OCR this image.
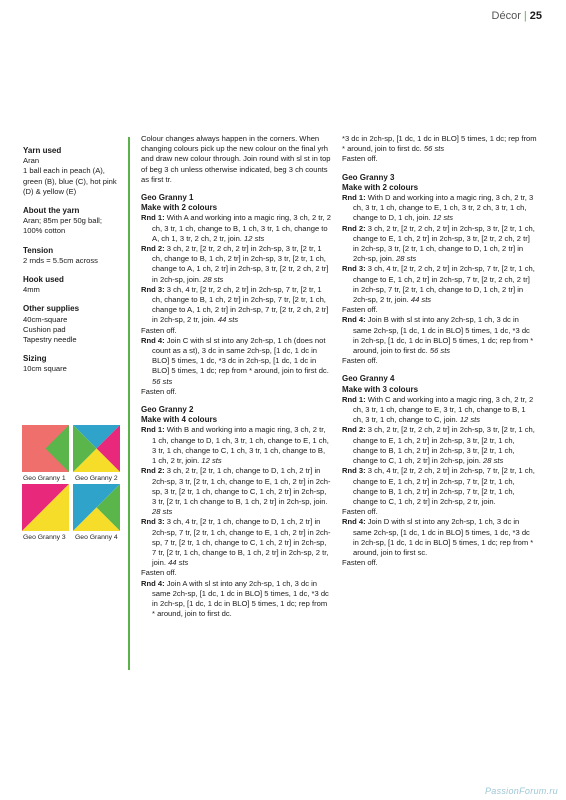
Décor | 25
Yarn used

Aran

1 ball each in peach (A), green (B), blue (C), hot pink (D) & yellow (E)

About the yarn

Aran; 85m per 50g ball; 100% cotton

Tension

2 rnds = 5.5cm across

Hook used

4mm

Other supplies

40cm-square

Cushion pad

Tapestry needle

Sizing

10cm square

Geo Granny 1 Geo Granny 2
Geo Granny 3 Geo Granny 4

Colour changes always happen in the corners. When changing colours pick up the new colour on the final yrh and draw new colour through. Join round with sl st in top of beg 3 ch unless otherwise indicated, beg 3 ch counts as first tr.

Geo Granny 1
Make with 2 colours

Rnd 1: With A and working into a magic ring, 3 ch, 2 tr, 2 ch, 3 tr, 1 ch, change to B, 1 ch, 3 tr, 1 ch, change to A, ch 1, 3 tr, 2 ch, 2 tr, join. 12 sts

Rnd 2: 3 ch, 2 tr, [2 tr, 2 ch, 2 tr] in 2ch-sp, 3 tr, [2 tr, 1 ch, change to B, 1 ch, 2 tr] in 2ch-sp, 3 tr, [2 tr, 1 ch, change to A, 1 ch, 2 tr] in 2ch-sp, 3 tr, [2 tr, 2 ch, 2 tr] in 2ch-sp, join. 28 sts

Rnd 3: 3 ch, 4 tr, [2 tr, 2 ch, 2 tr] in 2ch-sp, 7 tr, [2 tr, 1 ch, change to B, 1 ch, 2 tr] in 2ch-sp, 7 tr, [2 tr, 1 ch, change to A, 1 ch, 2 tr] in 2ch-sp, 7 tr, [2 tr, 2 ch, 2 tr] in 2ch-sp, 2 tr, join. 44 sts

Fasten off.

Rnd 4: Join C with sl st into any 2ch-sp, 1 ch (does not count as a st), 3 dc in same 2ch-sp, [1 dc, 1 dc in BLO] 5 times, 1 dc, *3 dc in 2ch-sp, [1 dc, 1 dc in BLO] 5 times, 1 dc; rep from * around, join to first dc. 56 sts

Fasten off.

Geo Granny 2
Make with 4 colours

Rnd 1: With B and working into a magic ring, 3 ch, 2 tr, 1 ch, change to D, 1 ch, 3 tr, 1 ch, change to E, 1 ch, 3 tr, 1 ch, change to C, 1 ch, 3 tr, 1 ch, change to B, 1 ch, 2 tr, join. 12 sts

Rnd 2: 3 ch, 2 tr, [2 tr, 1 ch, change to D, 1 ch, 2 tr] in 2ch-sp, 3 tr, [2 tr, 1 ch, change to E, 1 ch, 2 tr] in 2ch-sp, 3 tr, [2 tr, 1 ch, change to C, 1 ch, 2 tr] in 2ch-sp, 3 tr, [2 tr, 1 ch change to B, 1 ch, 2 tr] in 2ch-sp, join. 28 sts

Rnd 3: 3 ch, 4 tr, [2 tr, 1 ch, change to D, 1 ch, 2 tr] in 2ch-sp, 7 tr, [2 tr, 1 ch, change to E, 1 ch, 2 tr] in 2ch-sp, 7 tr, [2 tr, 1 ch, change to C, 1 ch, 2 tr] in 2ch-sp, 7 tr, [2 tr, 1 ch, change to B, 1 ch, 2 tr] in 2ch-sp, 2 tr, join. 44 sts

Fasten off.

Rnd 4: Join A with sl st into any 2ch-sp, 1 ch, 3 dc in same 2ch-sp, [1 dc, 1 dc in BLO] 5 times, 1 dc, *3 dc in 2ch-sp, [1 dc, 1 dc in BLO] 5 times, 1 dc; rep from * around, join to first dc.

*3 dc in 2ch-sp, [1 dc, 1 dc in BLO] 5 times, 1 dc; rep from * around, join to first dc. 56 sts

Fasten off.

Geo Granny 3
Make with 2 colours

Rnd 1: With D and working into a magic ring, 3 ch, 2 tr, 3 ch, 3 tr, 1 ch, change to E, 1 ch, 3 tr, 2 ch, 3 tr, 1 ch, change to D, 1 ch, join. 12 sts

Rnd 2: 3 ch, 2 tr, [2 tr, 2 ch, 2 tr] in 2ch-sp, 3 tr, [2 tr, 1 ch, change to E, 1 ch, 2 tr] in 2ch-sp, 3 tr, [2 tr, 2 ch, 2 tr] in 2ch-sp, 3 tr, [2 tr, 1 ch, change to D, 1 ch, 2 tr] in 2ch-sp, join. 28 sts

Rnd 3: 3 ch, 4 tr, [2 tr, 2 ch, 2 tr] in 2ch-sp, 7 tr, [2 tr, 1 ch, change to E, 1 ch, 2 tr] in 2ch-sp, 7 tr, [2 tr, 2 ch, 2 tr] in 2ch-sp, 7 tr, [2 tr, 1 ch, change to D, 1 ch, 2 tr] in 2ch-sp, 2 tr, join. 44 sts

Fasten off.

Rnd 4: Join B with sl st into any 2ch-sp, 1 ch, 3 dc in same 2ch-sp, [1 dc, 1 dc in BLO] 5 times, 1 dc, *3 dc in 2ch-sp, [1 dc, 1 dc in BLO] 5 times, 1 dc; rep from * around, join to first dc. 56 sts

Fasten off.

Geo Granny 4
Make with 3 colours

Rnd 1: With C and working into a magic ring, 3 ch, 2 tr, 2 ch, 3 tr, 1 ch, change to E, 3 tr, 1 ch, change to B, 1 ch, 3 tr, 1 ch, change to C, join. 12 sts

Rnd 2: 3 ch, 2 tr, [2 tr, 2 ch, 2 tr] in 2ch-sp, 3 tr, [2 tr, 1 ch, change to E, 1 ch, 2 tr] in 2ch-sp, 3 tr, [2 tr, 1 ch, change to B, 1 ch, 2 tr] in 2ch-sp, 3 tr, [2 tr, 1 ch, change to C, 1 ch, 2 tr] in 2ch-sp, join. 28 sts

Rnd 3: 3 ch, 4 tr, [2 tr, 2 ch, 2 tr] in 2ch-sp, 7 tr, [2 tr, 1 ch, change to E, 1 ch, 2 tr] in 2ch-sp, 7 tr, [2 tr, 1 ch, change to B, 1 ch, 2 tr] in 2ch-sp, 7 tr, [2 tr, 1 ch, change to C, 1 ch, 2 tr] in 2ch-sp, 2 tr, join.

Fasten off.

Rnd 4: Join D with sl st into any 2ch-sp, 1 ch, 3 dc in same 2ch-sp, [1 dc, 1 dc in BLO] 5 times, 1 dc, *3 dc in 2ch-sp, [1 dc, 1 dc in BLO] 5 times, 1 dc; rep from * around, join to first sc.

Fasten off.

PassionForum.ru
